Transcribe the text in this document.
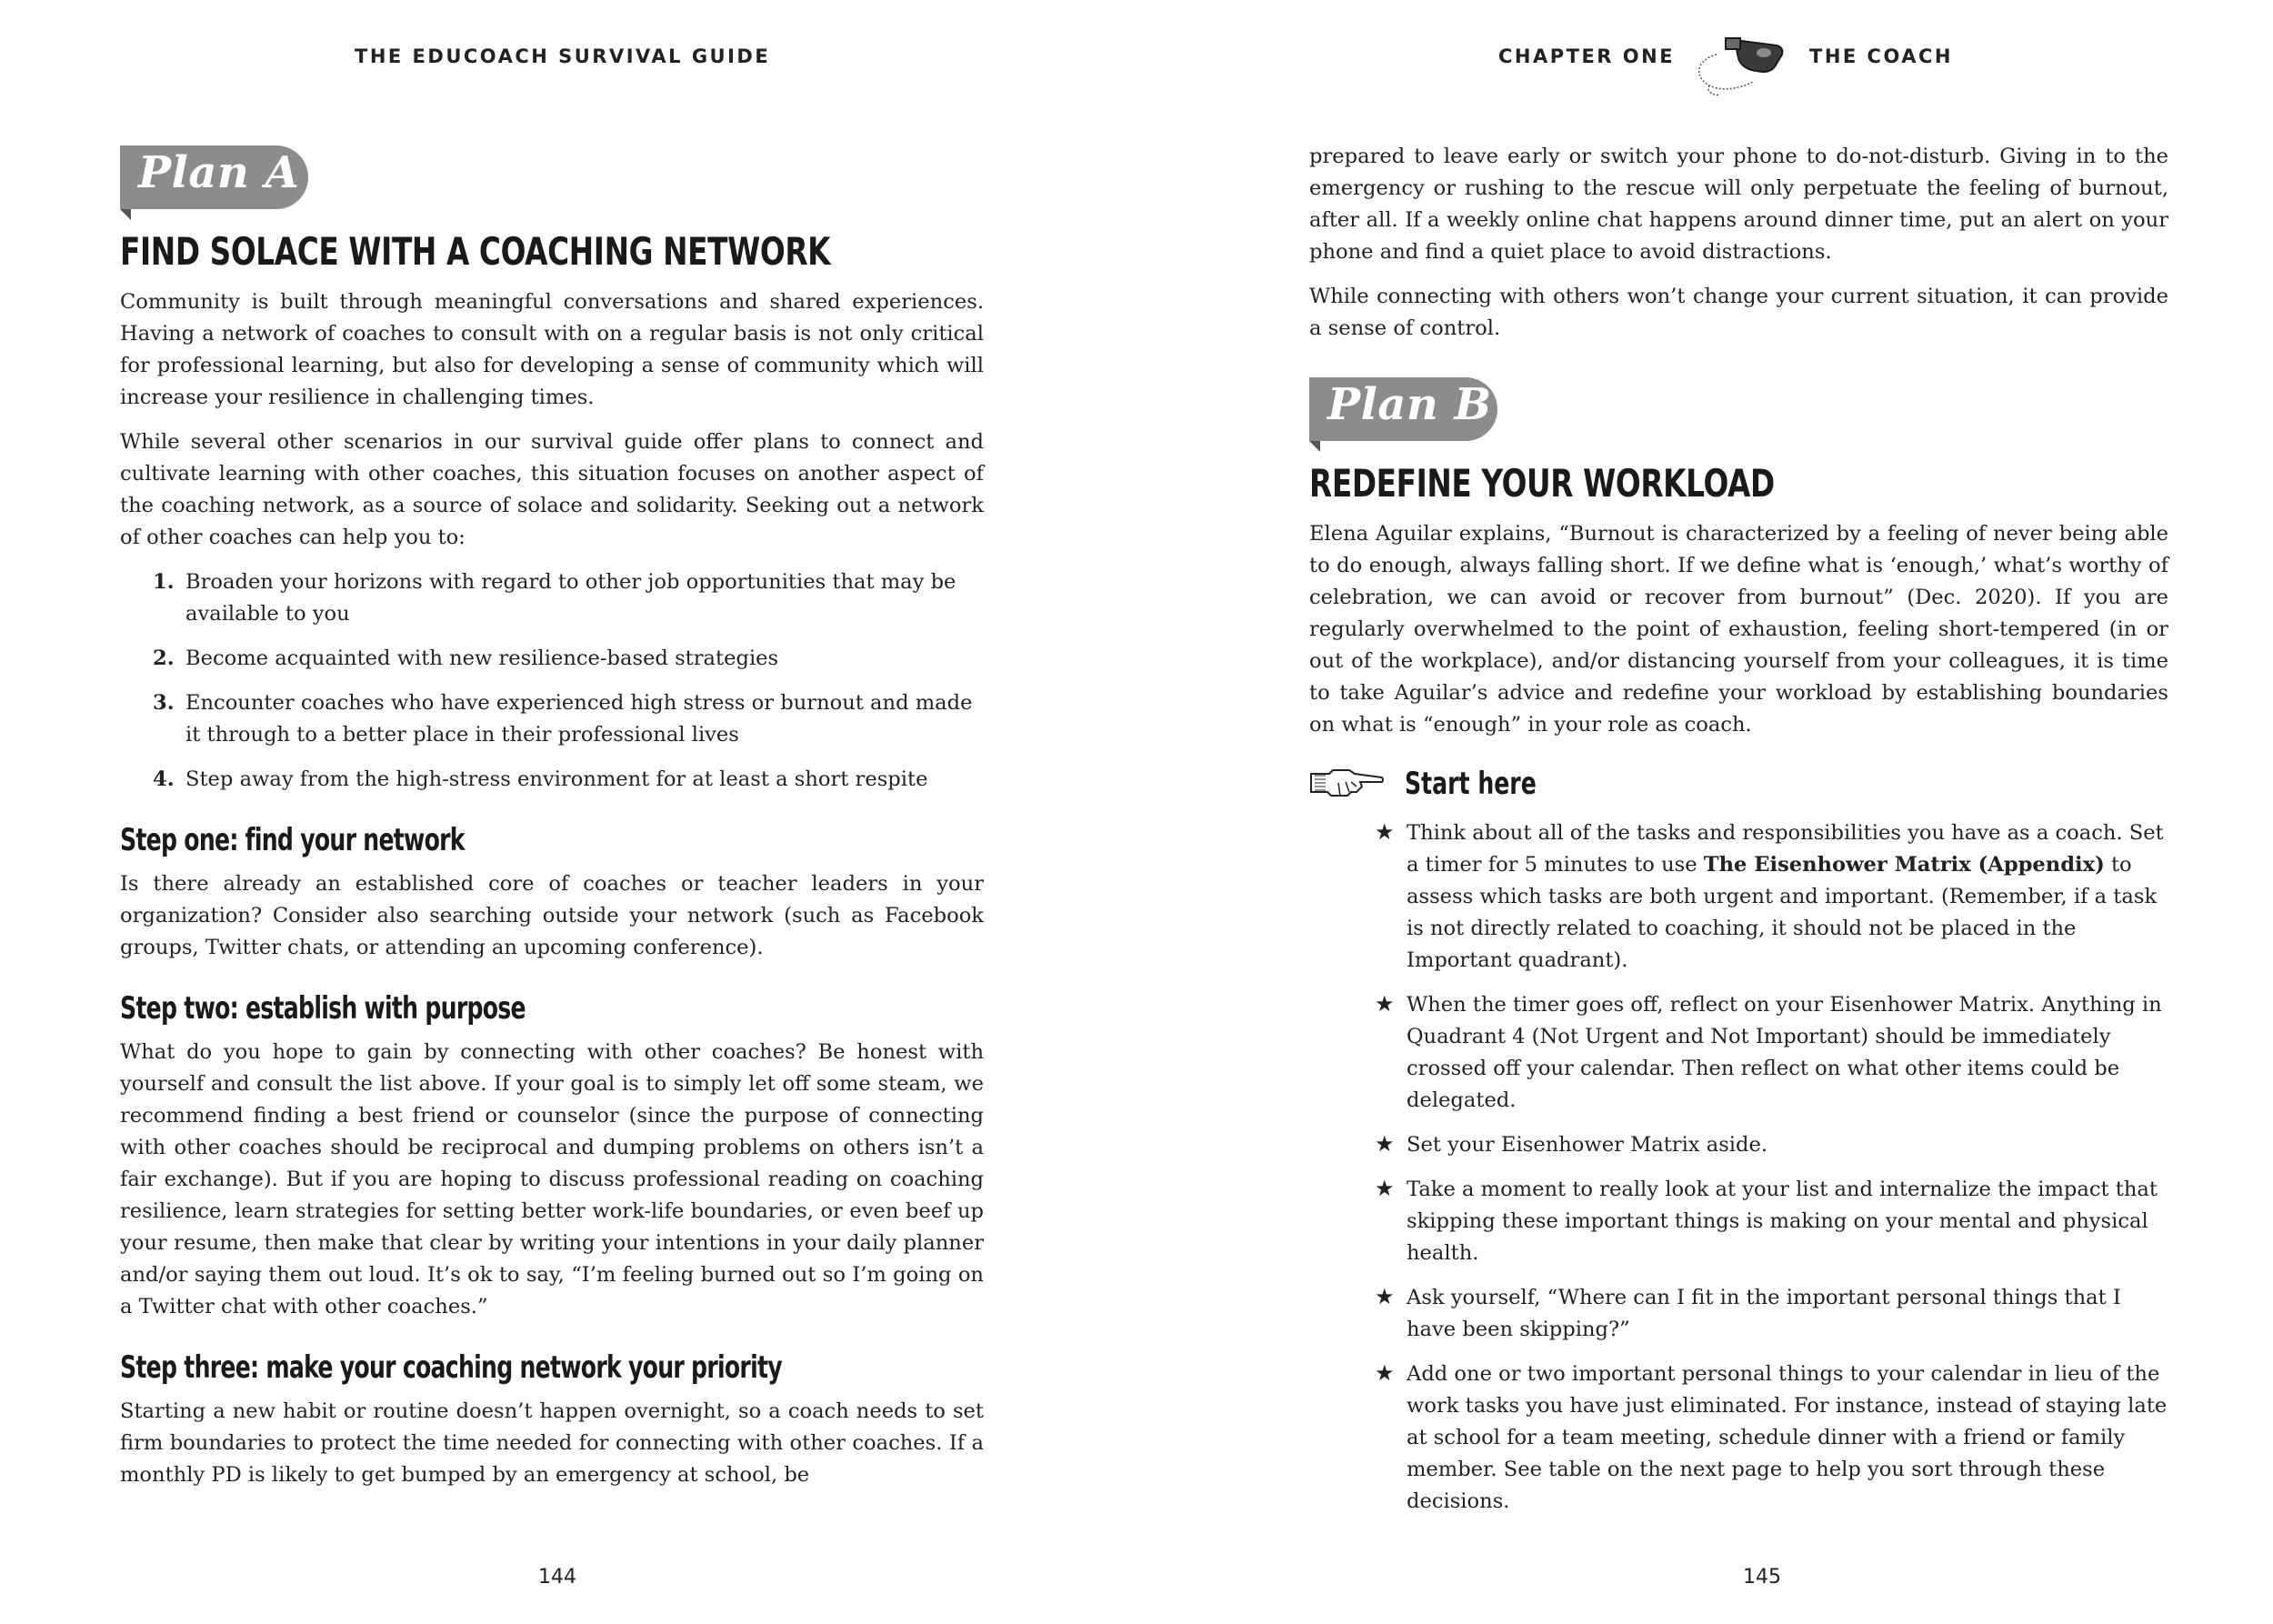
THE EDUCOACH SURVIVAL GUIDE
Plan A
FIND SOLACE WITH A COACHING NETWORK

Community is built through meaningful conversations and shared experiences. Having a network of coaches to consult with on a regular basis is not only critical for professional learning, but also for developing a sense of community which will increase your resilience in challenging times.

While several other scenarios in our survival guide offer plans to connect and cultivate learning with other coaches, this situation focuses on another aspect of the coaching network, as a source of solace and solidarity. Seeking out a network of other coaches can help you to:

1. Broaden your horizons with regard to other job opportunities that may be available to you
2. Become acquainted with new resilience-based strategies
3. Encounter coaches who have experienced high stress or burnout and made it through to a better place in their professional lives
4. Step away from the high-stress environment for at least a short respite
Step one: find your network

Is there already an established core of coaches or teacher leaders in your organization? Consider also searching outside your network (such as Facebook groups, Twitter chats, or attending an upcoming conference).

Step two: establish with purpose

What do you hope to gain by connecting with other coaches? Be honest with yourself and consult the list above. If your goal is to simply let off some steam, we recommend finding a best friend or counselor (since the purpose of connecting with other coaches should be reciprocal and dumping problems on others isn’t a fair exchange). But if you are hoping to discuss professional reading on coaching resilience, learn strategies for setting better work-life boundaries, or even beef up your resume, then make that clear by writing your intentions in your daily planner and/or saying them out loud. It’s ok to say, “I’m feeling burned out so I’m going on a Twitter chat with other coaches.”

Step three: make your coaching network your priority

Starting a new habit or routine doesn’t happen overnight, so a coach needs to set firm boundaries to protect the time needed for connecting with other coaches. If a monthly PD is likely to get bumped by an emergency at school, be

144
CHAPTER ONE	THE COACH

prepared to leave early or switch your phone to do-not-disturb. Giving in to the emergency or rushing to the rescue will only perpetuate the feeling of burnout, after all. If a weekly online chat happens around dinner time, put an alert on your phone and find a quiet place to avoid distractions.

While connecting with others won’t change your current situation, it can provide a sense of control.

Plan B
REDEFINE YOUR WORKLOAD

Elena Aguilar explains, “Burnout is characterized by a feeling of never being able to do enough, always falling short. If we define what is ‘enough,’ what’s worthy of celebration, we can avoid or recover from burnout” (Dec. 2020). If you are regularly overwhelmed to the point of exhaustion, feeling short-tempered (in or out of the workplace), and/or distancing yourself from your colleagues, it is time to take Aguilar’s advice and redefine your workload by establishing boundaries on what is “enough” in your role as coach.

Start here
★ Think about all of the tasks and responsibilities you have as a coach. Set a timer for 5 minutes to use The Eisenhower Matrix (Appendix) to assess which tasks are both urgent and important. (Remember, if a task is not directly related to coaching, it should not be placed in the Important quadrant).
★ When the timer goes off, reflect on your Eisenhower Matrix. Anything in Quadrant 4 (Not Urgent and Not Important) should be immediately crossed off your calendar. Then reflect on what other items could be delegated.
★ Set your Eisenhower Matrix aside.
★ Take a moment to really look at your list and internalize the impact that skipping these important things is making on your mental and physical health.
★ Ask yourself, “Where can I fit in the important personal things that I have been skipping?”
★ Add one or two important personal things to your calendar in lieu of the work tasks you have just eliminated. For instance, instead of staying late at school for a team meeting, schedule dinner with a friend or family member. See table on the next page to help you sort through these decisions.
145
